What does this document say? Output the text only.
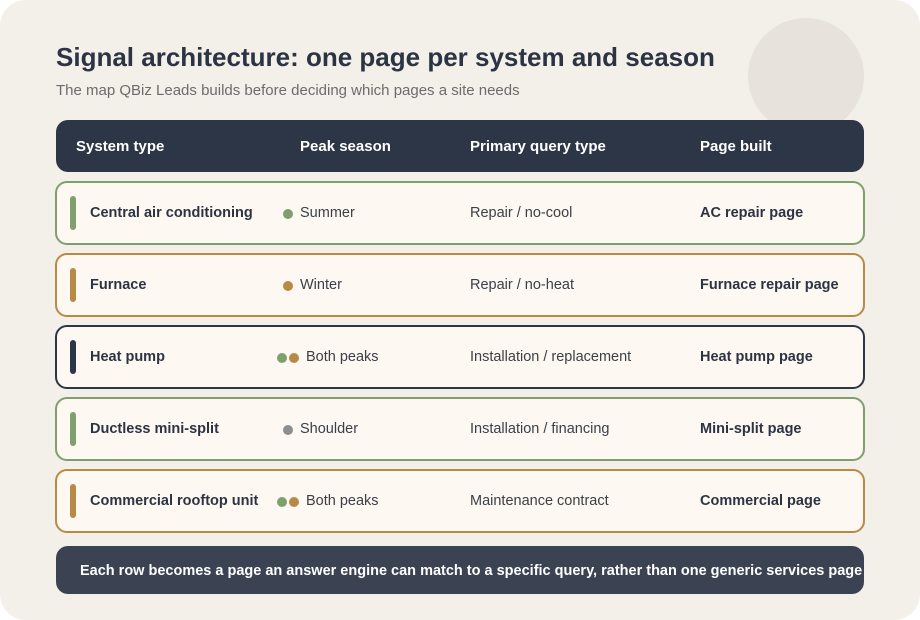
Signal architecture: one page per system and season

The map QBiz Leads builds before deciding which pages a site needs

System type	Peak season	Primary query type	Page built
Central air conditioning	Summer	Repair / no-cool	AC repair page
Furnace	Winter	Repair / no-heat	Furnace repair page
Heat pump	Both peaks	Installation / replacement	Heat pump page
Ductless mini-split	Shoulder	Installation / financing	Mini-split page
Commercial rooftop unit	Both peaks	Maintenance contract	Commercial page
Each row becomes a page an answer engine can match to a specific query, rather than one generic services page
